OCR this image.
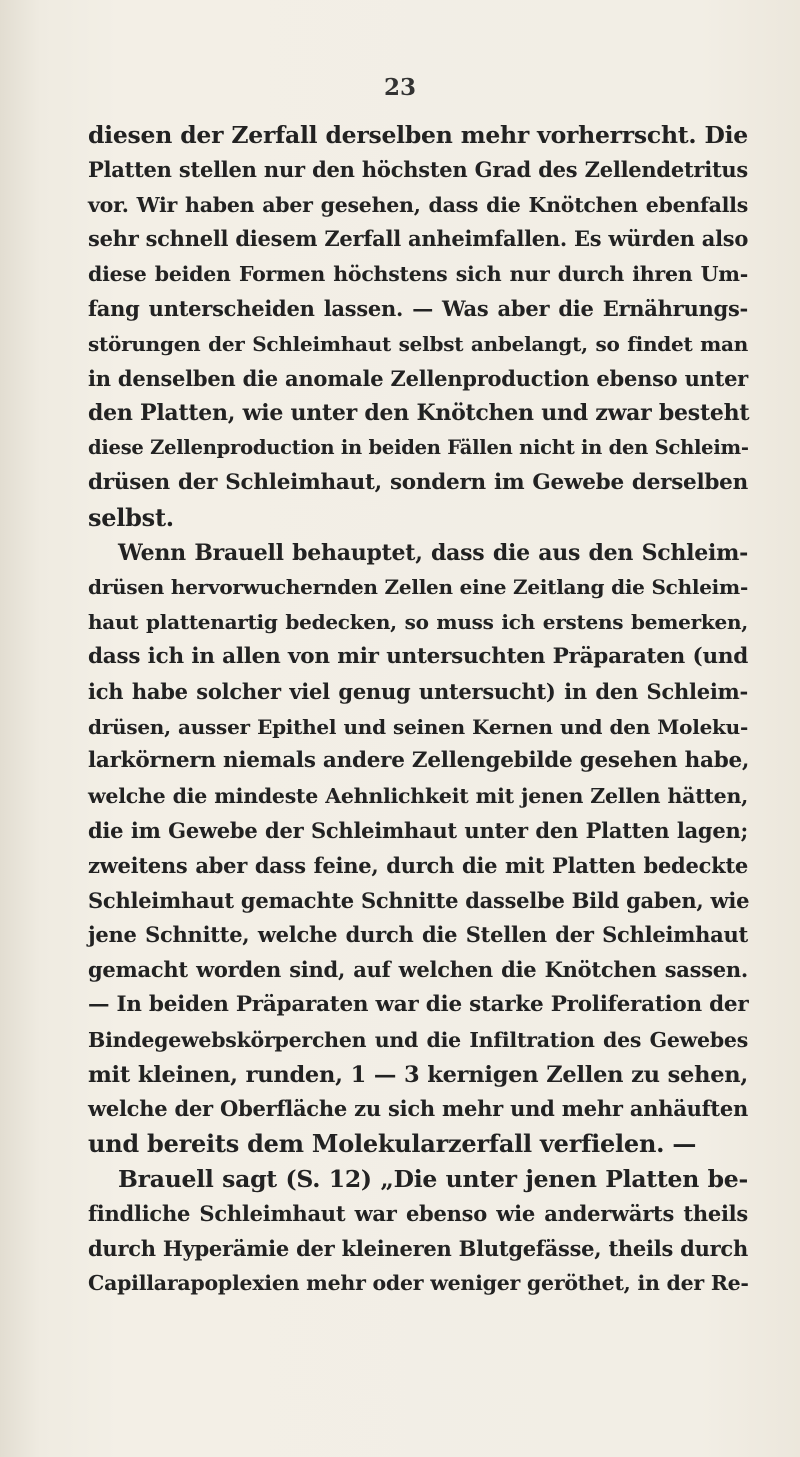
23
diesen der Zerfall derselben mehr vorherrscht. Die
Platten stellen nur den höchsten Grad des Zellendetritus
vor. Wir haben aber gesehen, dass die Knötchen ebenfalls
sehr schnell diesem Zerfall anheimfallen. Es würden also
diese beiden Formen höchstens sich nur durch ihren Um-
fang unterscheiden lassen. — Was aber die Ernährungs-
störungen der Schleimhaut selbst anbelangt, so findet man
in denselben die anomale Zellenproduction ebenso unter
den Platten, wie unter den Knötchen und zwar besteht
diese Zellenproduction in beiden Fällen nicht in den Schleim-
drüsen der Schleimhaut, sondern im Gewebe derselben
selbst.
Wenn Brauell behauptet, dass die aus den Schleim-
drüsen hervorwuchernden Zellen eine Zeitlang die Schleim-
haut plattenartig bedecken, so muss ich erstens bemerken,
dass ich in allen von mir untersuchten Präparaten (und
ich habe solcher viel genug untersucht) in den Schleim-
drüsen, ausser Epithel und seinen Kernen und den Moleku-
larkörnern niemals andere Zellengebilde gesehen habe,
welche die mindeste Aehnlichkeit mit jenen Zellen hätten,
die im Gewebe der Schleimhaut unter den Platten lagen;
zweitens aber dass feine, durch die mit Platten bedeckte
Schleimhaut gemachte Schnitte dasselbe Bild gaben, wie
jene Schnitte, welche durch die Stellen der Schleimhaut
gemacht worden sind, auf welchen die Knötchen sassen.
— In beiden Präparaten war die starke Proliferation der
Bindegewebskörperchen und die Infiltration des Gewebes
mit kleinen, runden, 1 — 3 kernigen Zellen zu sehen,
welche der Oberfläche zu sich mehr und mehr anhäuften
und bereits dem Molekularzerfall verfielen. —
Brauell sagt (S. 12) „Die unter jenen Platten be-
findliche Schleimhaut war ebenso wie anderwärts theils
durch Hyperämie der kleineren Blutgefässe, theils durch
Capillarapoplexien mehr oder weniger geröthet, in der Re-
